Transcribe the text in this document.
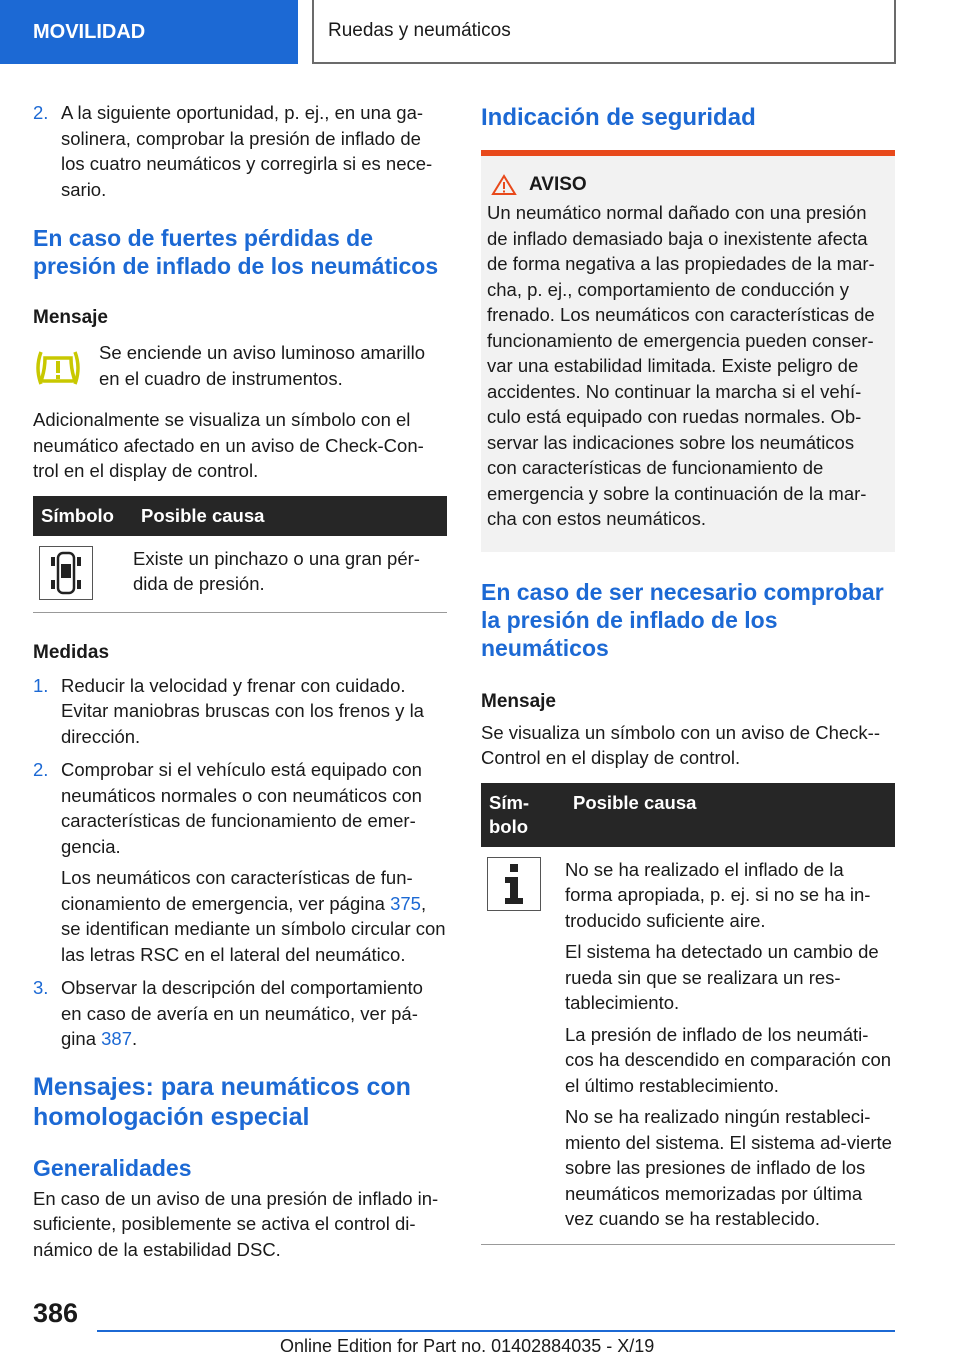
MOVILIDAD	Ruedas y neumáticos
2. A la siguiente oportunidad, p. ej., en una ga-solinera, comprobar la presión de inflado de los cuatro neumáticos y corregirla si es nece-sario.

En caso de fuertes pérdidas de presión de inflado de los neumáticos
Mensaje

Se enciende un aviso luminoso amarillo en el cuadro de instrumentos.

Adicionalmente se visualiza un símbolo con el neumático afectado en un aviso de Check-Con-trol en el display de control.

Símbolo	Posible causa

Existe un pinchazo o una gran pér-dida de presión.

Medidas
1. Reducir la velocidad y frenar con cuidado. Evitar maniobras bruscas con los frenos y la dirección.

2. Comprobar si el vehículo está equipado con neumáticos normales o con neumáticos con características de funcionamiento de emer-gencia.

Los neumáticos con características de fun-cionamiento de emergencia, ver página 375, se identifican mediante un símbolo circular con las letras RSC en el lateral del neumático.

3. Observar la descripción del comportamiento en caso de avería en un neumático, ver pá-gina 387.

Mensajes: para neumáticos con homologación especial
Generalidades

En caso de un aviso de una presión de inflado in-suficiente, posiblemente se activa el control di-námico de la estabilidad DSC.

Indicación de seguridad
AVISO

Un neumático normal dañado con una presión de inflado demasiado baja o inexistente afecta de forma negativa a las propiedades de la mar-cha, p. ej., comportamiento de conducción y frenado. Los neumáticos con características de funcionamiento de emergencia pueden conser-var una estabilidad limitada. Existe peligro de accidentes. No continuar la marcha si el vehí-culo está equipado con ruedas normales. Ob-servar las indicaciones sobre los neumáticos con características de funcionamiento de emergencia y sobre la continuación de la mar-cha con estos neumáticos.

En caso de ser necesario comprobar la presión de inflado de los neumáticos
Mensaje

Se visualiza un símbolo con un aviso de Check--Control en el display de control.

Sím-bolo	Posible causa

No se ha realizado el inflado de la forma apropiada, p. ej. si no se ha in-troducido suficiente aire.

El sistema ha detectado un cambio de rueda sin que se realizara un res-tablecimiento.

La presión de inflado de los neumáti-cos ha descendido en comparación con el último restablecimiento.

No se ha realizado ningún restableci-miento del sistema. El sistema ad-vierte sobre las presiones de inflado de los neumáticos memorizadas por última vez cuando se ha restablecido.

386
Online Edition for Part no. 01402884035 - X/19
